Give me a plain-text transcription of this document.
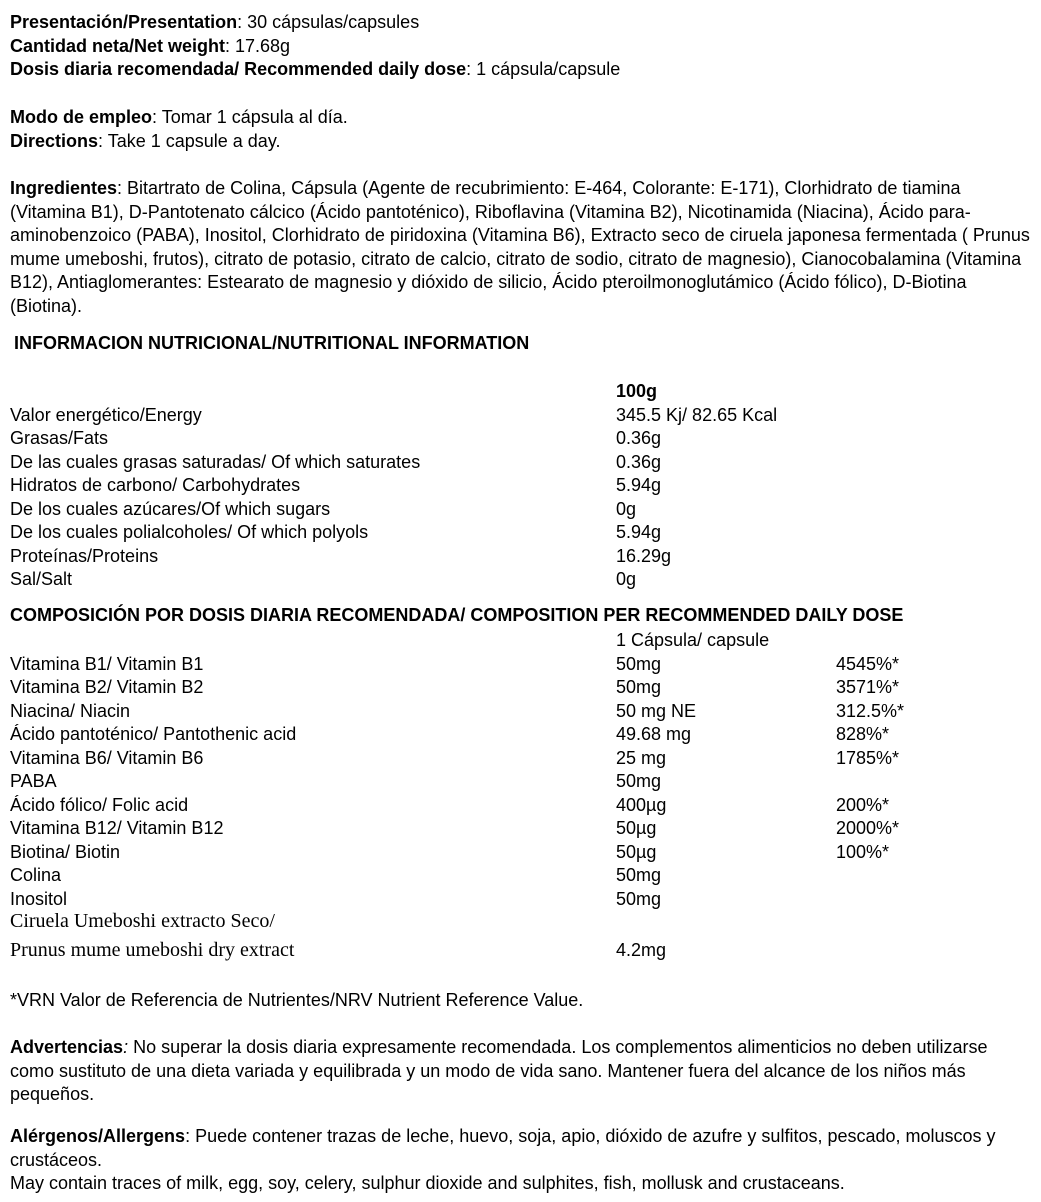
Presentación/Presentation: 30 cápsulas/capsules
Cantidad neta/Net weight: 17.68g
Dosis diaria recomendada/ Recommended daily dose: 1 cápsula/capsule
Modo de empleo: Tomar 1 cápsula al día.
Directions: Take 1 capsule a day.
Ingredientes: Bitartrato de Colina, Cápsula (Agente de recubrimiento: E-464, Colorante: E-171), Clorhidrato de tiamina (Vitamina B1), D-Pantotenato cálcico (Ácido pantoténico), Riboflavina (Vitamina B2), Nicotinamida (Niacina), Ácido para-aminobenzoico (PABA), Inositol, Clorhidrato de piridoxina (Vitamina B6), Extracto seco de ciruela japonesa fermentada ( Prunus mume umeboshi, frutos), citrato de potasio, citrato de calcio, citrato de sodio, citrato de magnesio), Cianocobalamina (Vitamina B12), Antiaglomerantes: Estearato de magnesio y dióxido de silicio, Ácido pteroilmonoglutámico (Ácido fólico), D-Biotina (Biotina).
INFORMACION NUTRICIONAL/NUTRITIONAL INFORMATION
100g
Valor energético/Energy	345.5 Kj/ 82.65 Kcal
Grasas/Fats	0.36g
De las cuales grasas saturadas/ Of which saturates	0.36g
Hidratos de carbono/ Carbohydrates	5.94g
De los cuales azúcares/Of which sugars	0g
De los cuales polialcoholes/ Of which polyols	5.94g
Proteínas/Proteins	16.29g
Sal/Salt	0g
COMPOSICIÓN POR DOSIS DIARIA RECOMENDADA/ COMPOSITION PER RECOMMENDED DAILY DOSE
1 Cápsula/ capsule
Vitamina B1/ Vitamin B1	50mg	4545%*
Vitamina B2/ Vitamin B2	50mg	3571%*
Niacina/ Niacin	50 mg NE	312.5%*
Ácido pantoténico/ Pantothenic acid	49.68 mg	828%*
Vitamina B6/ Vitamin B6	25 mg	1785%*
PABA	50mg
Ácido fólico/ Folic acid	400µg	200%*
Vitamina B12/ Vitamin B12	50µg	2000%*
Biotina/ Biotin	50µg	100%*
Colina	50mg
Inositol	50mg
Ciruela Umeboshi extracto Seco/
Prunus mume umeboshi dry extract	4.2mg
*VRN Valor de Referencia de Nutrientes/NRV Nutrient Reference Value.
Advertencias: No superar la dosis diaria expresamente recomendada. Los complementos alimenticios no deben utilizarse como sustituto de una dieta variada y equilibrada y un modo de vida sano. Mantener fuera del alcance de los niños más pequeños.
Alérgenos/Allergens: Puede contener trazas de leche, huevo, soja, apio, dióxido de azufre y sulfitos, pescado, moluscos y crustáceos.
May contain traces of milk, egg, soy, celery, sulphur dioxide and sulphites, fish, mollusk and crustaceans.
